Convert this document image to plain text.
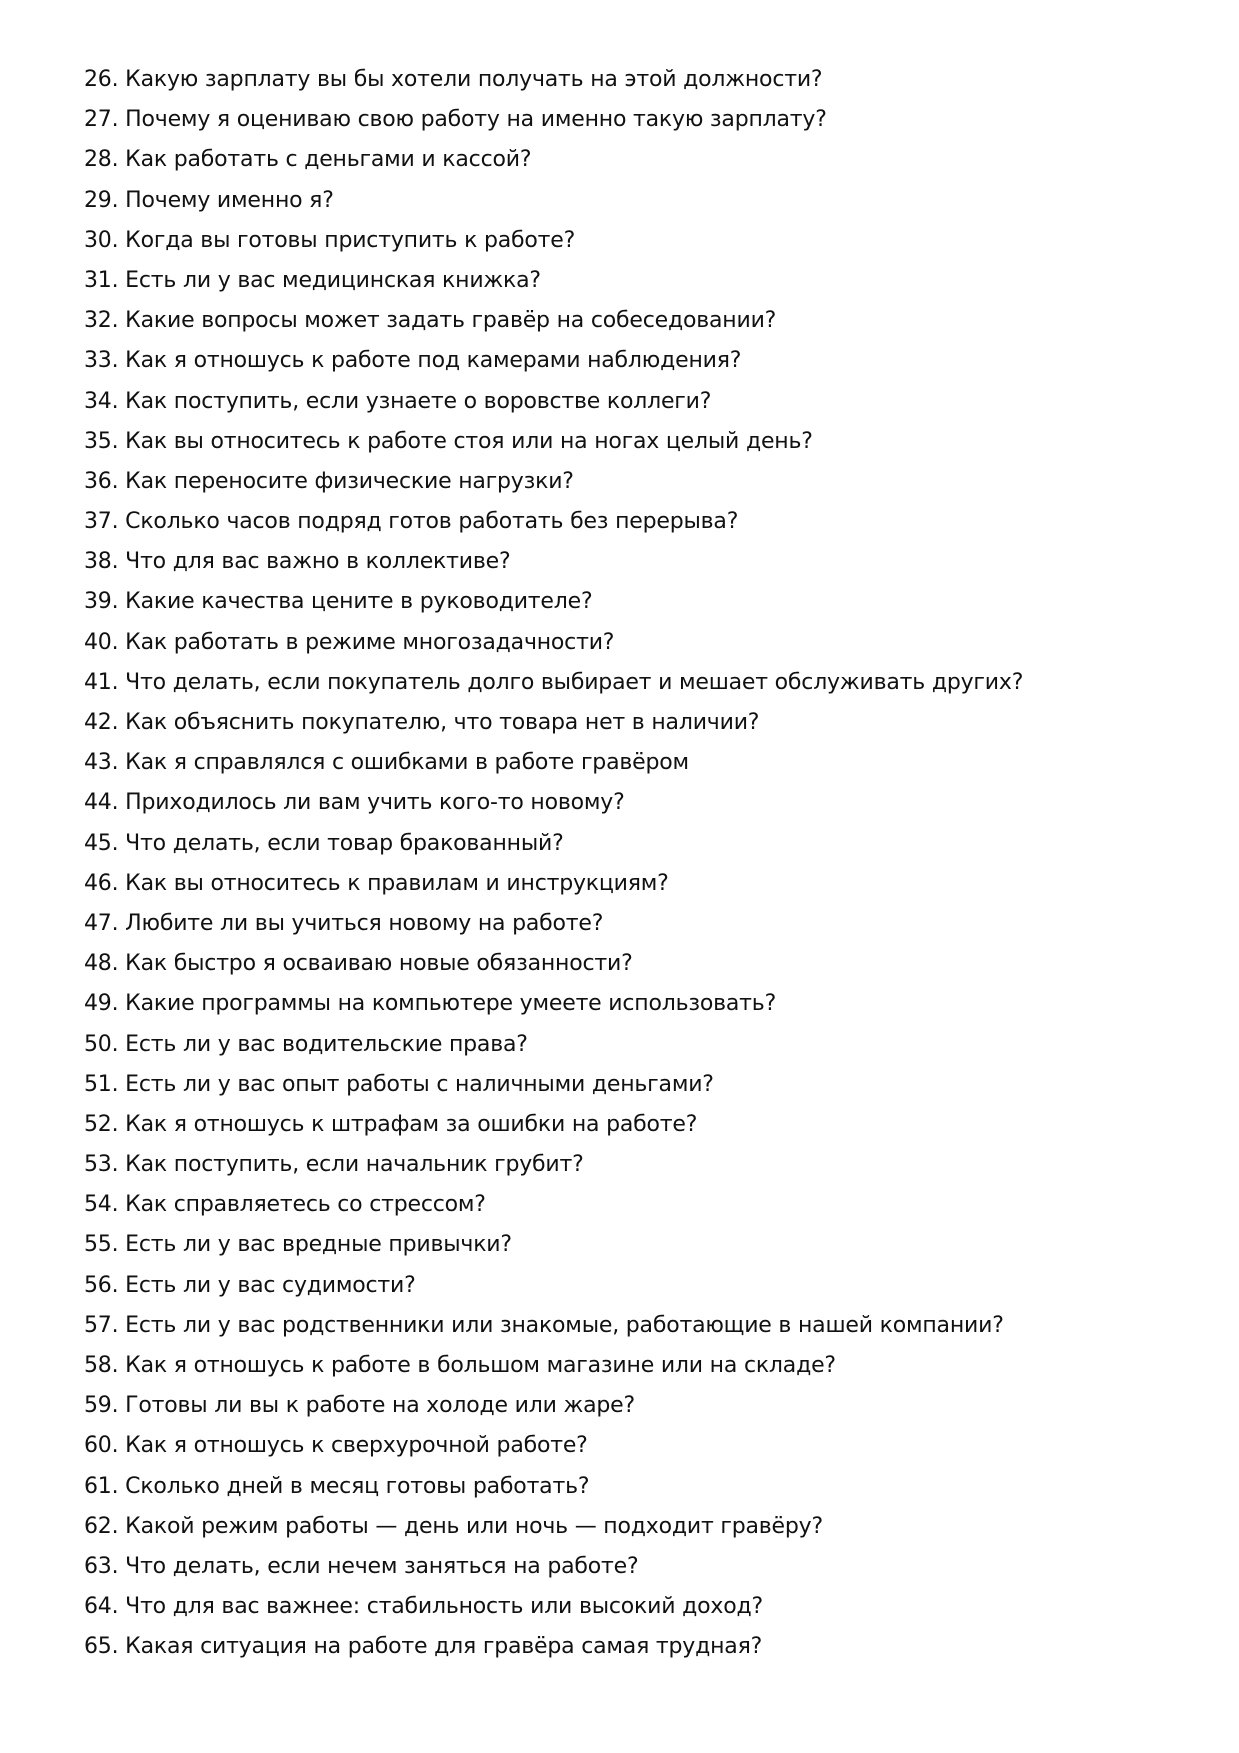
26. Какую зарплату вы бы хотели получать на этой должности?
27. Почему я оцениваю свою работу на именно такую зарплату?
28. Как работать с деньгами и кассой?
29. Почему именно я?
30. Когда вы готовы приступить к работе?
31. Есть ли у вас медицинская книжка?
32. Какие вопросы может задать гравёр на собеседовании?
33. Как я отношусь к работе под камерами наблюдения?
34. Как поступить, если узнаете о воровстве коллеги?
35. Как вы относитесь к работе стоя или на ногах целый день?
36. Как переносите физические нагрузки?
37. Сколько часов подряд готов работать без перерыва?
38. Что для вас важно в коллективе?
39. Какие качества цените в руководителе?
40. Как работать в режиме многозадачности?
41. Что делать, если покупатель долго выбирает и мешает обслуживать других?
42. Как объяснить покупателю, что товара нет в наличии?
43. Как я справлялся с ошибками в работе гравёром
44. Приходилось ли вам учить кого-то новому?
45. Что делать, если товар бракованный?
46. Как вы относитесь к правилам и инструкциям?
47. Любите ли вы учиться новому на работе?
48. Как быстро я осваиваю новые обязанности?
49. Какие программы на компьютере умеете использовать?
50. Есть ли у вас водительские права?
51. Есть ли у вас опыт работы с наличными деньгами?
52. Как я отношусь к штрафам за ошибки на работе?
53. Как поступить, если начальник грубит?
54. Как справляетесь со стрессом?
55. Есть ли у вас вредные привычки?
56. Есть ли у вас судимости?
57. Есть ли у вас родственники или знакомые, работающие в нашей компании?
58. Как я отношусь к работе в большом магазине или на складе?
59. Готовы ли вы к работе на холоде или жаре?
60. Как я отношусь к сверхурочной работе?
61. Сколько дней в месяц готовы работать?
62. Какой режим работы — день или ночь — подходит гравёру?
63. Что делать, если нечем заняться на работе?
64. Что для вас важнее: стабильность или высокий доход?
65. Какая ситуация на работе для гравёра самая трудная?
